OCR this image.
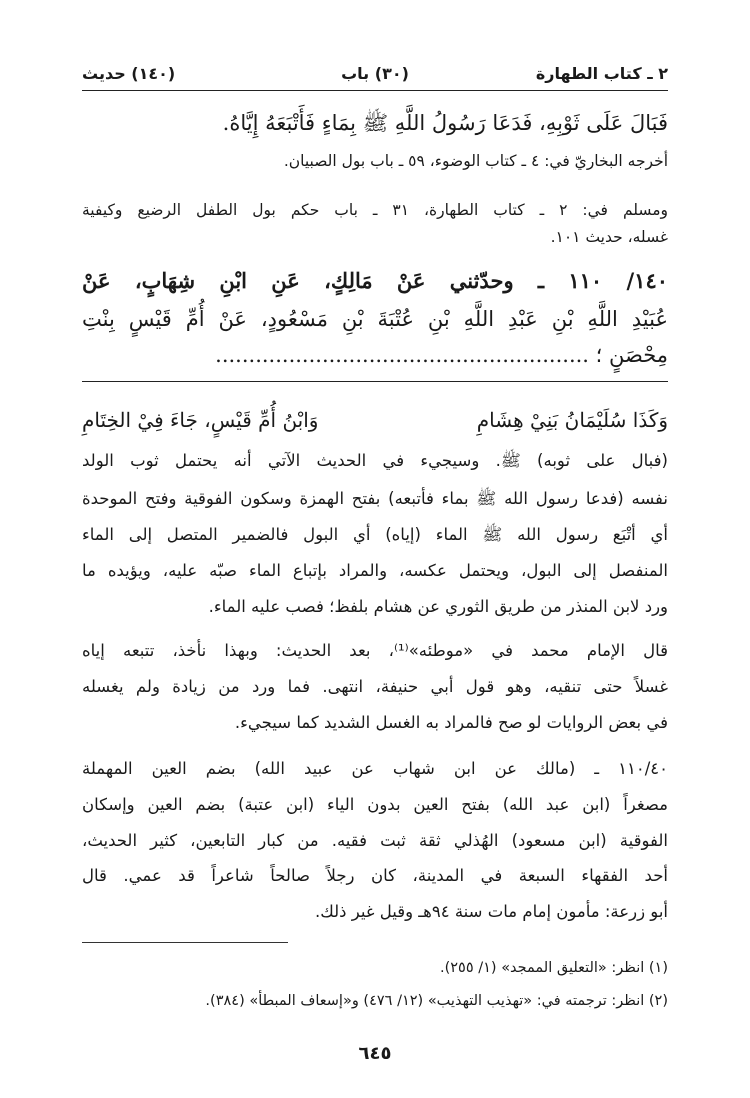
٢ ـ كتاب الطهارة
(٣٠) باب
(١٤٠) حديث
فَبَالَ عَلَى ثَوْبِهِ، فَدَعَا رَسُولُ اللَّهِ ﷺ بِمَاءٍ فَأَتْبَعَهُ إِيَّاهُ.
أخرجه البخاريّ في: ٤ ـ كتاب الوضوء، ٥٩ ـ باب بول الصبيان.
ومسلم في: ٢ ـ كتاب الطهارة، ٣١ ـ باب حكم بول الطفل الرضيع وكيفية
غسله، حديث ١٠١.
١٤٠/ ١١٠ ـ وحدّثني عَنْ مَالِكٍ، عَنِ ابْنِ شِهَابٍ، عَنْ
عُبَيْدِ اللَّهِ بْنِ عَبْدِ اللَّهِ بْنِ عُتْبَةَ بْنِ مَسْعُودٍ، عَنْ أُمِّ قَيْسٍ بِنْتِ
مِحْصَنٍ ؛ ........................................................
وَكَذَا سُلَيْمَانُ بَنِيْ هِشَامِ
وَابْنُ أُمِّ قَيْسٍ، جَاءَ فِيْ الخِتَامِ
(فبال على ثوبه) ﷺ. وسيجيء في الحديث الآتي أنه يحتمل ثوب الولد
نفسه (فدعا رسول الله ﷺ بماء فأتبعه) بفتح الهمزة وسكون الفوقية وفتح الموحدة
أي أتْبَع رسول الله ﷺ الماء (إياه) أي البول فالضمير المتصل إلى الماء
المنفصل إلى البول، ويحتمل عكسه، والمراد بإتباع الماء صبّه عليه، ويؤيده ما
ورد لابن المنذر من طريق الثوري عن هشام بلفظ؛ فصب عليه الماء.
قال الإمام محمد في «موطئه»⁽¹⁾، بعد الحديث: وبهذا نأخذ، تتبعه إياه
غسلاً حتى تنقيه، وهو قول أبي حنيفة، انتهى. فما ورد من زيادة ولم يغسله
في بعض الروايات لو صح فالمراد به الغسل الشديد كما سيجيء.
١١٠/٤٠ ـ (مالك عن ابن شهاب عن عبيد الله) بضم العين المهملة
مصغراً (ابن عبد الله) بفتح العين بدون الياء (ابن عتبة) بضم العين وإسكان
الفوقية (ابن مسعود) الهُذلي ثقة ثبت فقيه. من كبار التابعين، كثير الحديث،
أحد الفقهاء السبعة في المدينة، كان رجلاً صالحاً شاعراً قد عمي. قال
أبو زرعة: مأمون إمام مات سنة ٩٤هـ وقيل غير ذلك.
(١) انظر: «التعليق الممجد» (١/ ٢٥٥).
(٢) انظر: ترجمته في: «تهذيب التهذيب» (١٢/ ٤٧٦) و«إسعاف المبطأ» (٣٨٤).
٦٤٥
